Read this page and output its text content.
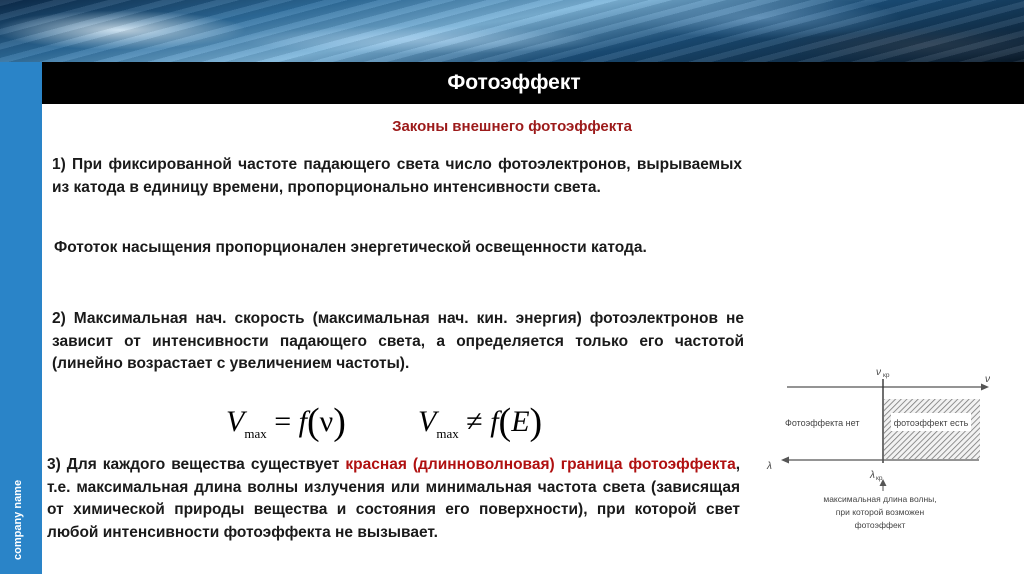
company name
Фотоэффект
Законы внешнего фотоэффекта
1) При фиксированной частоте падающего света число фотоэлектронов, вырываемых из катода в единицу времени, пропорционально интенсивности света.
Фототок насыщения пропорционален энергетической освещенности катода.
2) Максимальная нач. скорость (максимальная нач. кин. энергия) фотоэлектронов не зависит от интенсивности падающего света, а определяется только его частотой (линейно возрастает с увеличением частоты).
$V_{max} = f(\nu) V_{max} \ne f(E)$
3) Для каждого вещества существует красная (длинноволновая) граница фотоэффекта, т.е. максимальная длина волны излучения или минимальная частота света (зависящая от химической природы вещества и состояния его поверхности), при которой свет любой интенсивности фотоэффекта не вызывает.
ν
ν кр
фотоэффект есть
Фотоэффекта нет
λ
λ кр
максимальная длина волны,
при которой возможен
фотоэффект
